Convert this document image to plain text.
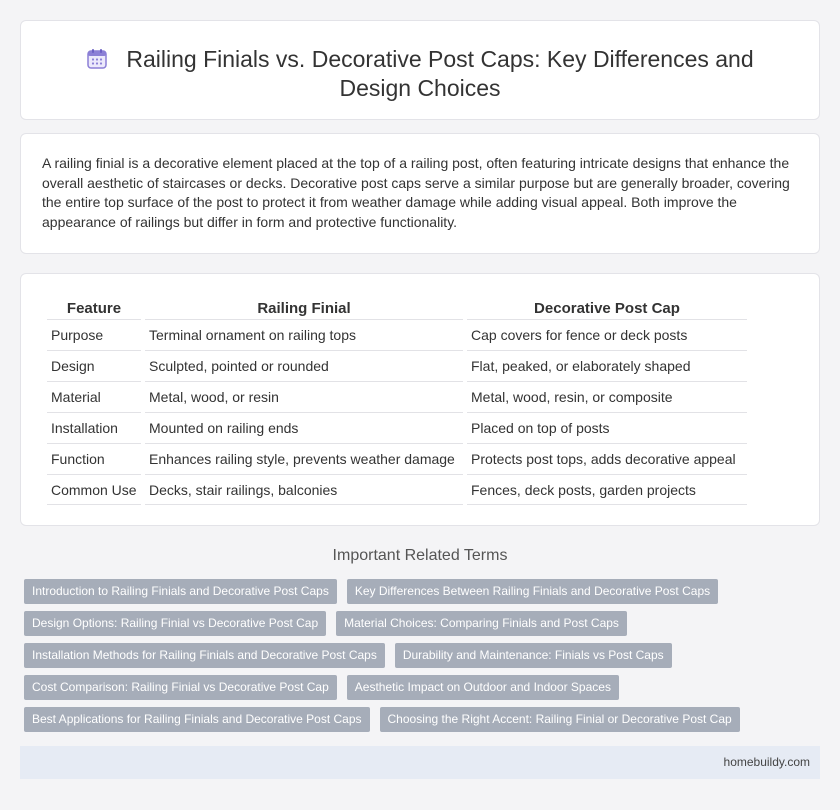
Railing Finials vs. Decorative Post Caps: Key Differences and
Design Choices

A railing finial is a decorative element placed at the top of a railing post, often featuring intricate designs that enhance the overall aesthetic of staircases or decks. Decorative post caps serve a similar purpose but are generally broader, covering the entire top surface of the post to protect it from weather damage while adding visual appeal. Both improve the appearance of railings but differ in form and protective functionality.

Feature	Railing Finial	Decorative Post Cap
Purpose	Terminal ornament on railing tops	Cap covers for fence or deck posts
Design	Sculpted, pointed or rounded	Flat, peaked, or elaborately shaped
Material	Metal, wood, or resin	Metal, wood, resin, or composite
Installation	Mounted on railing ends	Placed on top of posts
Function	Enhances railing style, prevents weather damage	Protects post tops, adds decorative appeal
Common Use	Decks, stair railings, balconies	Fences, deck posts, garden projects
Important Related Terms
Introduction to Railing Finials and Decorative Post Caps Key Differences Between Railing Finials and Decorative Post Caps
Design Options: Railing Finial vs Decorative Post Cap Material Choices: Comparing Finials and Post Caps
Installation Methods for Railing Finials and Decorative Post Caps Durability and Maintenance: Finials vs Post Caps
Cost Comparison: Railing Finial vs Decorative Post Cap Aesthetic Impact on Outdoor and Indoor Spaces
Best Applications for Railing Finials and Decorative Post Caps Choosing the Right Accent: Railing Finial or Decorative Post Cap
homebuildy.com
